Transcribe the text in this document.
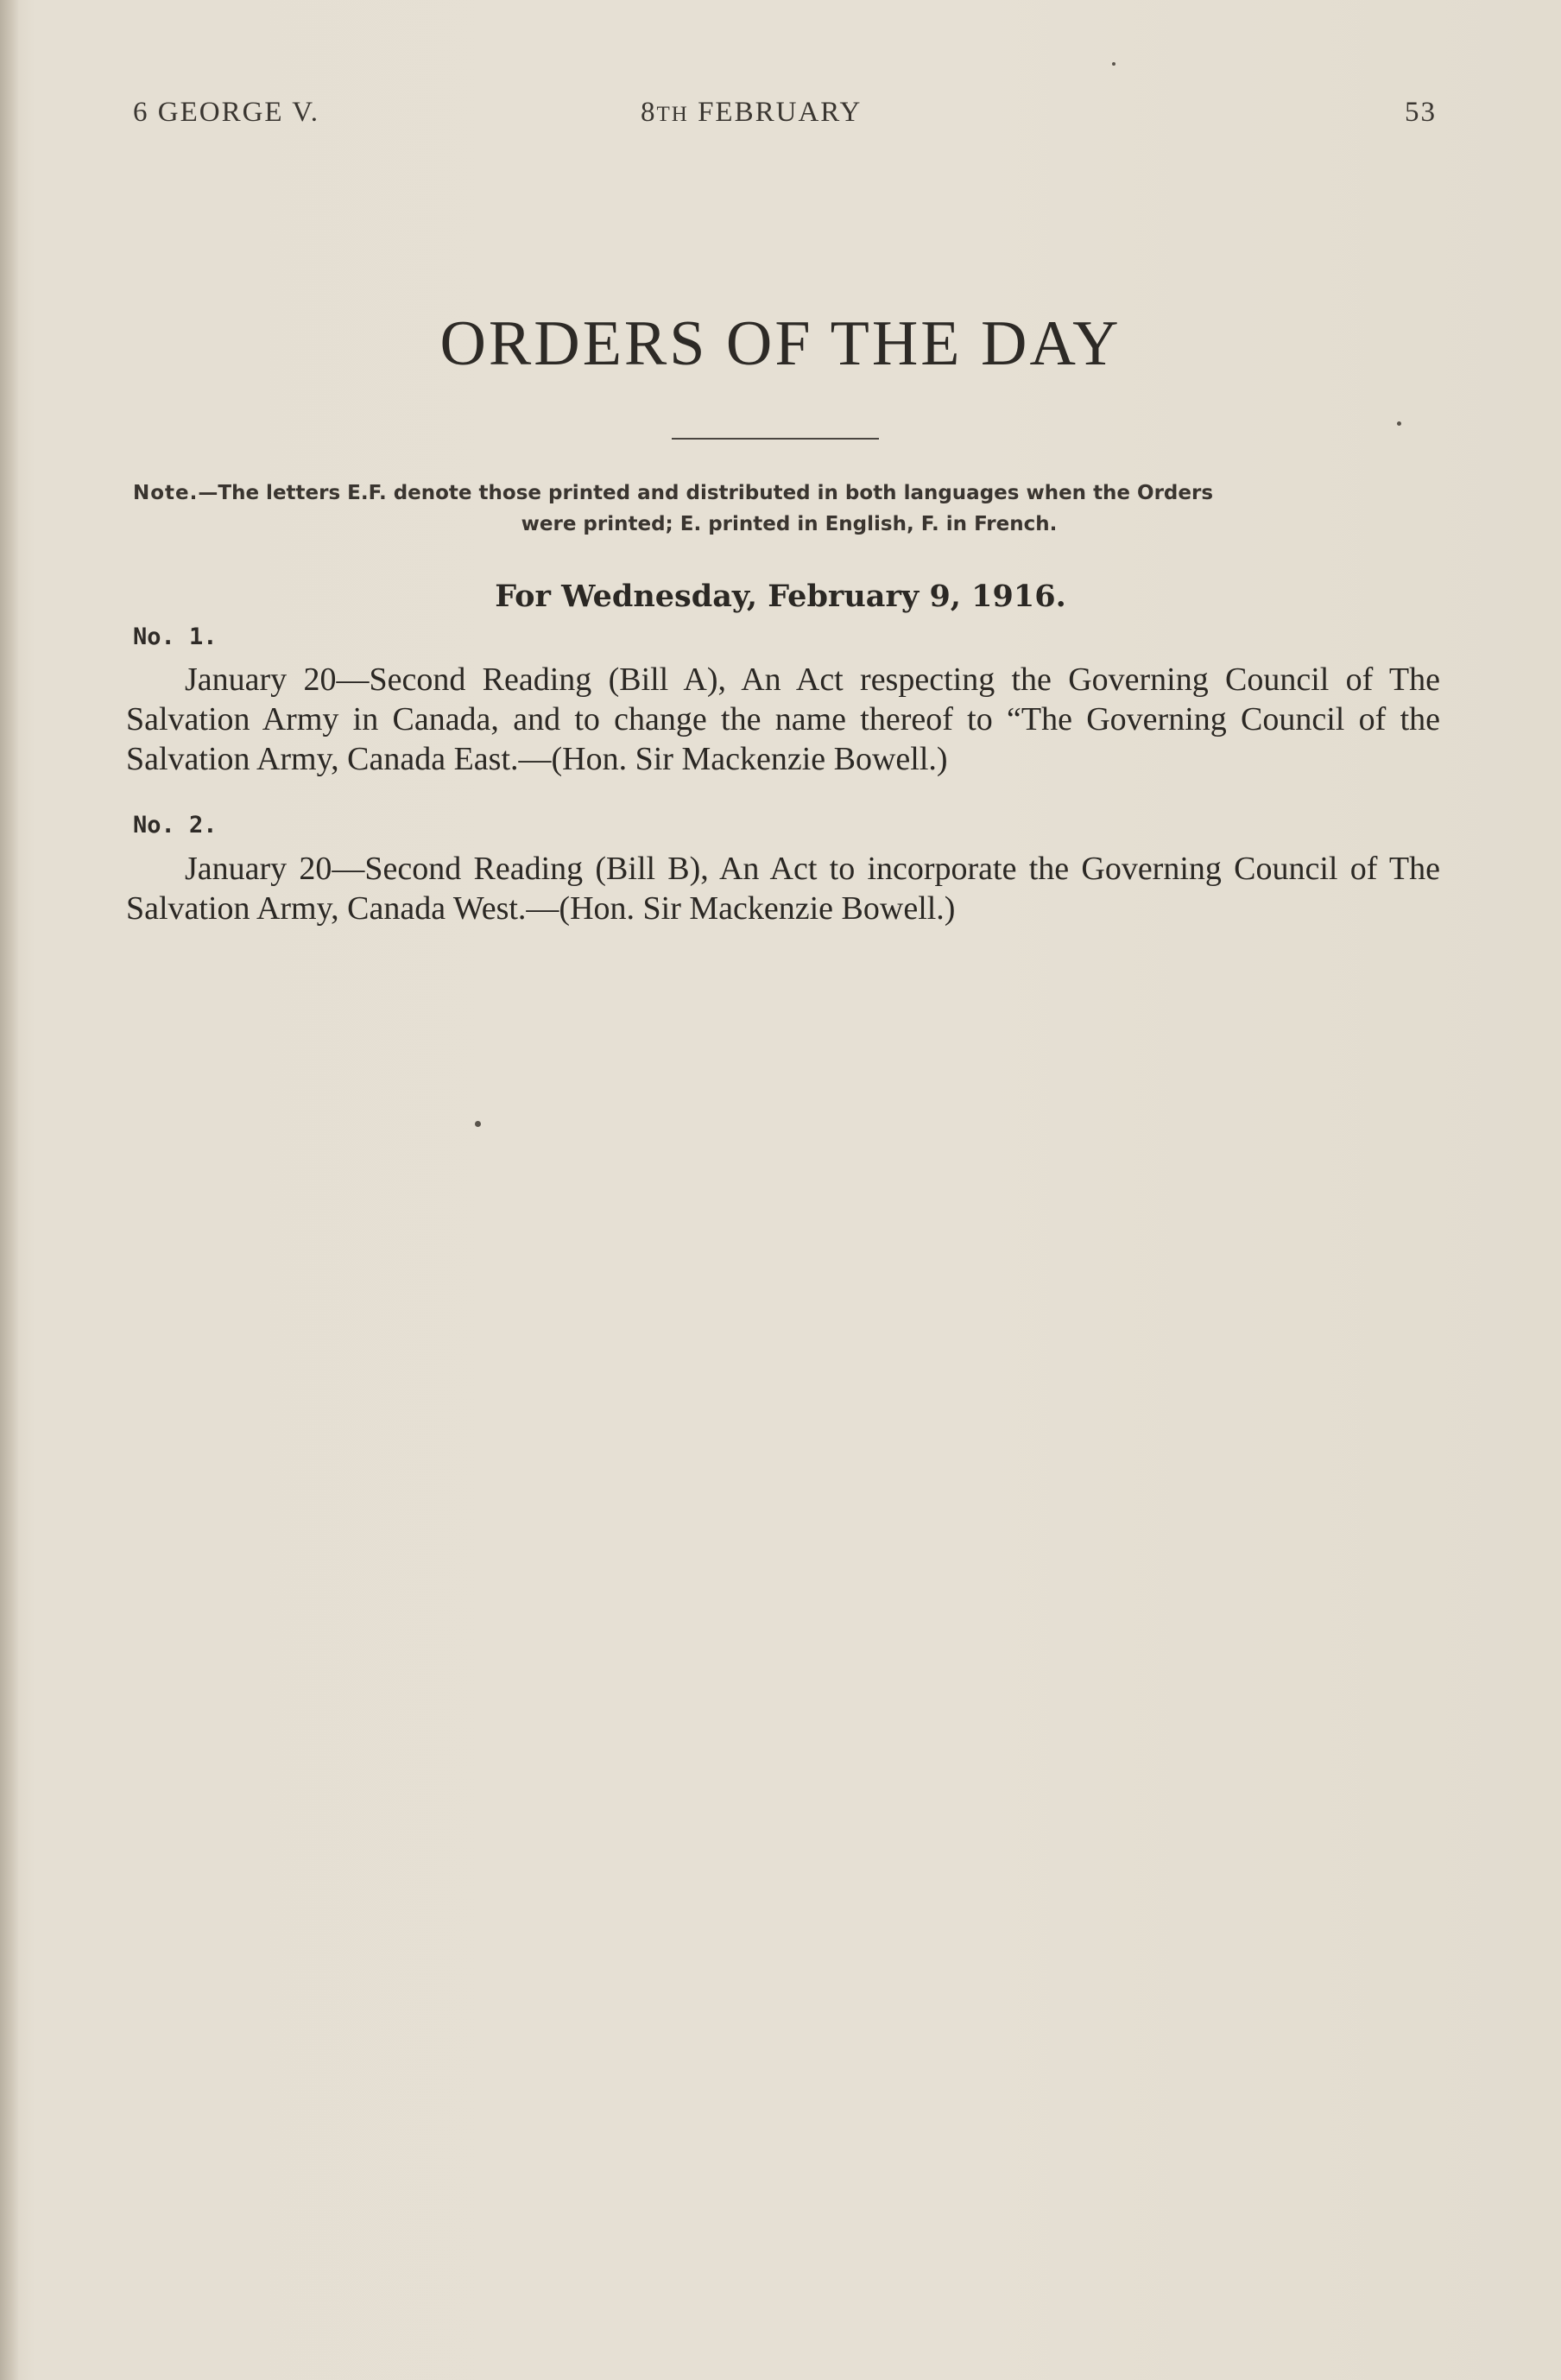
6 GEORGE V.	8TH FEBRUARY	53
ORDERS OF THE DAY
Note.—The letters E.F. denote those printed and distributed in both languages when the Orders
were printed; E. printed in English, F. in French.
For Wednesday, February 9, 1916.
No. 1.
January 20—Second Reading (Bill A), An Act respecting the Governing Council of The Salvation Army in Canada, and to change the name thereof to “The Governing Council of the Salvation Army, Canada East.—(Hon. Sir Mackenzie Bowell.)
No. 2.
January 20—Second Reading (Bill B), An Act to incorporate the Governing Council of The Salvation Army, Canada West.—(Hon. Sir Mackenzie Bowell.)
